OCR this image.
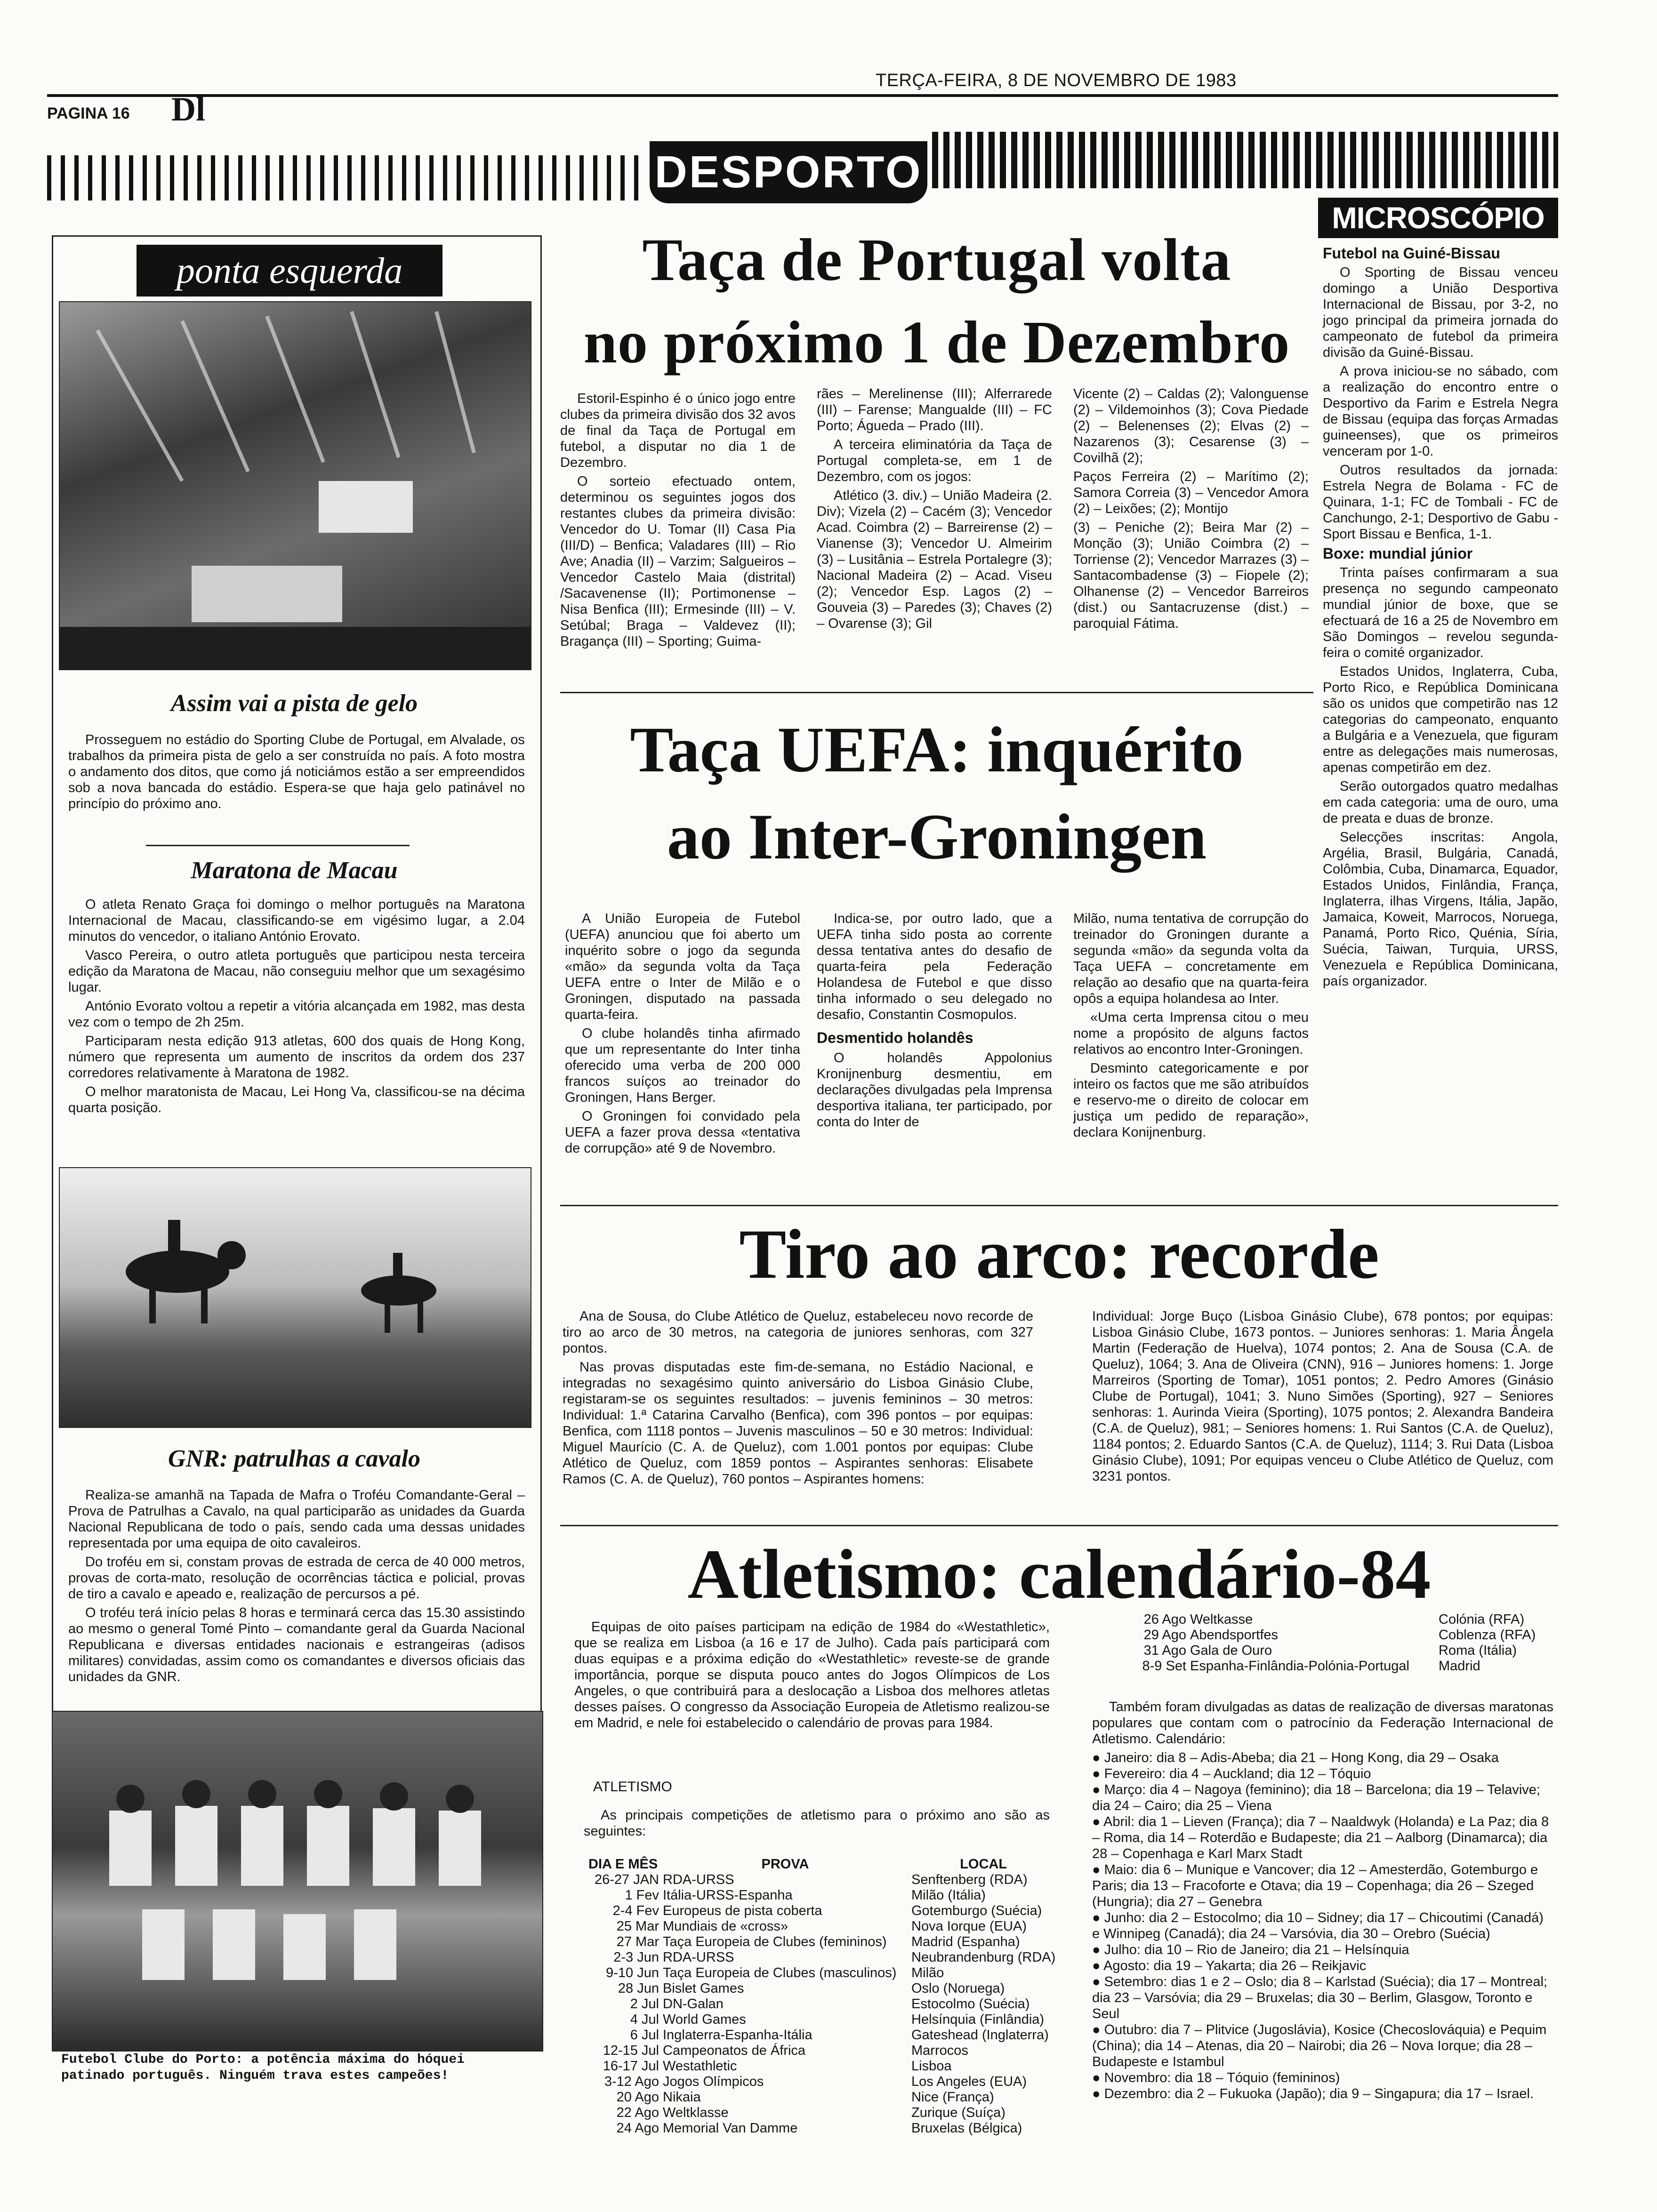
TERÇA-FEIRA, 8 DE NOVEMBRO DE 1983
PAGINA 16 Dl
DESPORTO
MICROSCÓPIO
ponta esquerda
Assim vai a pista de gelo

Prosseguem no estádio do Sporting Clube de Portugal, em Alvalade, os trabalhos da primeira pista de gelo a ser construída no país. A foto mostra o andamento dos ditos, que como já noticiámos estão a ser empreendidos sob a nova bancada do estádio. Espera-se que haja gelo patinável no princípio do próximo ano.

Maratona de Macau

O atleta Renato Graça foi domingo o melhor português na Maratona Internacional de Macau, classificando-se em vigésimo lugar, a 2.04 minutos do vencedor, o italiano António Erovato.

Vasco Pereira, o outro atleta português que participou nesta terceira edição da Maratona de Macau, não conseguiu melhor que um sexagésimo lugar.

António Evorato voltou a repetir a vitória alcançada em 1982, mas desta vez com o tempo de 2h 25m.

Participaram nesta edição 913 atletas, 600 dos quais de Hong Kong, número que representa um aumento de inscritos da ordem dos 237 corredores relativamente à Maratona de 1982.

O melhor maratonista de Macau, Lei Hong Va, classificou-se na décima quarta posição.

GNR: patrulhas a cavalo

Realiza-se amanhã na Tapada de Mafra o Troféu Comandante-Geral – Prova de Patrulhas a Cavalo, na qual participarão as unidades da Guarda Nacional Republicana de todo o país, sendo cada uma dessas unidades representada por uma equipa de oito cavaleiros.

Do troféu em si, constam provas de estrada de cerca de 40 000 metros, provas de corta-mato, resolução de ocorrências táctica e policial, provas de tiro a cavalo e apeado e, realização de percursos a pé.

O troféu terá início pelas 8 horas e terminará cerca das 15.30 assistindo ao mesmo o general Tomé Pinto – comandante geral da Guarda Nacional Republicana e diversas entidades nacionais e estrangeiras (adisos militares) convidadas, assim como os comandantes e diversos oficiais das unidades da GNR.

Futebol Clube do Porto: a potência máxima do hóquei patinado português. Ninguém trava estes campeões!
Taça de Portugal volta
no próximo 1 de Dezembro

Estoril-Espinho é o único jogo entre clubes da primeira divisão dos 32 avos de final da Taça de Portugal em futebol, a disputar no dia 1 de Dezembro.

O sorteio efectuado ontem, determinou os seguintes jogos dos restantes clubes da primeira divisão: Vencedor do U. Tomar (II) Casa Pia (III/D) – Benfica; Valadares (III) – Rio Ave; Anadia (II) – Varzim; Salgueiros – Vencedor Castelo Maia (distrital) /Sacavenense (II); Portimonense – Nisa Benfica (III); Ermesinde (III) – V. Setúbal; Braga – Valdevez (II); Bragança (III) – Sporting; Guima-

rães – Merelinense (III); Alferrarede (III) – Farense; Mangualde (III) – FC Porto; Águeda – Prado (III).

A terceira eliminatória da Taça de Portugal completa-se, em 1 de Dezembro, com os jogos:

Atlético (3. div.) – União Madeira (2. Div); Vizela (2) – Cacém (3); Vencedor Acad. Coimbra (2) – Barreirense (2) – Vianense (3); Vencedor U. Almeirim (3) – Lusitânia – Estrela Portalegre (3); Nacional Madeira (2) – Acad. Viseu (2); Vencedor Esp. Lagos (2) – Gouveia (3) – Paredes (3); Chaves (2) – Ovarense (3); Gil

Vicente (2) – Caldas (2); Valonguense (2) – Vildemoinhos (3); Cova Piedade (2) – Belenenses (2); Elvas (2) – Nazarenos (3); Cesarense (3) – Covilhã (2);

Paços Ferreira (2) – Marítimo (2); Samora Correia (3) – Vencedor Amora (2) – Leixões; (2); Montijo

(3) – Peniche (2); Beira Mar (2) – Monção (3); União Coimbra (2) – Torriense (2); Vencedor Marrazes (3) – Santacombadense (3) – Fiopele (2); Olhanense (2) – Vencedor Barreiros (dist.) ou Santacruzense (dist.) – paroquial Fátima.

Futebol na Guiné-Bissau

O Sporting de Bissau venceu domingo a União Desportiva Internacional de Bissau, por 3-2, no jogo principal da primeira jornada do campeonato de futebol da primeira divisão da Guiné-Bissau.

A prova iniciou-se no sábado, com a realização do encontro entre o Desportivo da Farim e Estrela Negra de Bissau (equipa das forças Armadas guineenses), que os primeiros venceram por 1-0.

Outros resultados da jornada: Estrela Negra de Bolama - FC de Quinara, 1-1; FC de Tombali - FC de Canchungo, 2-1; Desportivo de Gabu - Sport Bissau e Benfica, 1-1.

Boxe: mundial júnior

Trinta países confirmaram a sua presença no segundo campeonato mundial júnior de boxe, que se efectuará de 16 a 25 de Novembro em São Domingos – revelou segunda-feira o comité organizador.

Estados Unidos, Inglaterra, Cuba, Porto Rico, e República Dominicana são os unidos que competirão nas 12 categorias do campeonato, enquanto a Bulgária e a Venezuela, que figuram entre as delegações mais numerosas, apenas competirão em dez.

Serão outorgados quatro medalhas em cada categoria: uma de ouro, uma de preata e duas de bronze.

Selecções inscritas: Angola, Argélia, Brasil, Bulgária, Canadá, Colômbia, Cuba, Dinamarca, Equador, Estados Unidos, Finlândia, França, Inglaterra, ilhas Virgens, Itália, Japão, Jamaica, Koweit, Marrocos, Noruega, Panamá, Porto Rico, Quénia, Síria, Suécia, Taiwan, Turquia, URSS, Venezuela e República Dominicana, país organizador.

Taça UEFA: inquérito
ao Inter-Groningen

A União Europeia de Futebol (UEFA) anunciou que foi aberto um inquérito sobre o jogo da segunda «mão» da segunda volta da Taça UEFA entre o Inter de Milão e o Groningen, disputado na passada quarta-feira.

O clube holandês tinha afirmado que um representante do Inter tinha oferecido uma verba de 200 000 francos suíços ao treinador do Groningen, Hans Berger.

O Groningen foi convidado pela UEFA a fazer prova dessa «tentativa de corrupção» até 9 de Novembro.

Indica-se, por outro lado, que a UEFA tinha sido posta ao corrente dessa tentativa antes do desafio de quarta-feira pela Federação Holandesa de Futebol e que disso tinha informado o seu delegado no desafio, Constantin Cosmopulos.

Desmentido holandês

O holandês Appolonius Kronijnenburg desmentiu, em declarações divulgadas pela Imprensa desportiva italiana, ter participado, por conta do Inter de

Milão, numa tentativa de corrupção do treinador do Groningen durante a segunda «mão» da segunda volta da Taça UEFA – concretamente em relação ao desafio que na quarta-feira opôs a equipa holandesa ao Inter.

«Uma certa Imprensa citou o meu nome a propósito de alguns factos relativos ao encontro Inter-Groningen.

Desminto categoricamente e por inteiro os factos que me são atribuídos e reservo-me o direito de colocar em justiça um pedido de reparação», declara Konijnenburg.

Tiro ao arco: recorde

Ana de Sousa, do Clube Atlético de Queluz, estabeleceu novo recorde de tiro ao arco de 30 metros, na categoria de juniores senhoras, com 327 pontos.

Nas provas disputadas este fim-de-semana, no Estádio Nacional, e integradas no sexagésimo quinto aniversário do Lisboa Ginásio Clube, registaram-se os seguintes resultados: – juvenis femininos – 30 metros: Individual: 1.ª Catarina Carvalho (Benfica), com 396 pontos – por equipas: Benfica, com 1118 pontos – Juvenis masculinos – 50 e 30 metros: Individual: Miguel Maurício (C. A. de Queluz), com 1.001 pontos por equipas: Clube Atlético de Queluz, com 1859 pontos – Aspirantes senhoras: Elisabete Ramos (C. A. de Queluz), 760 pontos – Aspirantes homens:

Individual: Jorge Buço (Lisboa Ginásio Clube), 678 pontos; por equipas: Lisboa Ginásio Clube, 1673 pontos. – Juniores senhoras: 1. Maria Ângela Martin (Federação de Huelva), 1074 pontos; 2. Ana de Sousa (C.A. de Queluz), 1064; 3. Ana de Oliveira (CNN), 916 – Juniores homens: 1. Jorge Marreiros (Sporting de Tomar), 1051 pontos; 2. Pedro Amores (Ginásio Clube de Portugal), 1041; 3. Nuno Simões (Sporting), 927 – Seniores senhoras: 1. Aurinda Vieira (Sporting), 1075 pontos; 2. Alexandra Bandeira (C.A. de Queluz), 981; – Seniores homens: 1. Rui Santos (C.A. de Queluz), 1184 pontos; 2. Eduardo Santos (C.A. de Queluz), 1114; 3. Rui Data (Lisboa Ginásio Clube), 1091; Por equipas venceu o Clube Atlético de Queluz, com 3231 pontos.

Atletismo: calendário-84

Equipas de oito países participam na edição de 1984 do «Westathletic», que se realiza em Lisboa (a 16 e 17 de Julho). Cada país participará com duas equipas e a próxima edição do «Westathletic» reveste-se de grande importância, porque se disputa pouco antes do Jogos Olímpicos de Los Angeles, o que contribuirá para a deslocação a Lisboa dos melhores atletas desses países. O congresso da Associação Europeia de Atletismo realizou-se em Madrid, e nele foi estabelecido o calendário de provas para 1984.

ATLETISMO

As principais competições de atletismo para o próximo ano são as seguintes:

DIA E MÊS	PROVA	LOCAL
26-27 JAN	RDA-URSS	Senftenberg (RDA)
1 Fev	Itália-URSS-Espanha	Milão (Itália)
2-4 Fev	Europeus de pista coberta	Gotemburgo (Suécia)
25 Mar	Mundiais de «cross»	Nova Iorque (EUA)
27 Mar	Taça Europeia de Clubes (femininos)	Madrid (Espanha)
2-3 Jun	RDA-URSS	Neubrandenburg (RDA)
9-10 Jun	Taça Europeia de Clubes (masculinos)	Milão
28 Jun	Bislet Games	Oslo (Noruega)
2 Jul	DN-Galan	Estocolmo (Suécia)
4 Jul	World Games	Helsínquia (Finlândia)
6 Jul	Inglaterra-Espanha-Itália	Gateshead (Inglaterra)
12-15 Jul	Campeonatos de África	Marrocos
16-17 Jul	Westathletic	Lisboa
3-12 Ago	Jogos Olímpicos	Los Angeles (EUA)
20 Ago	Nikaia	Nice (França)
22 Ago	Weltklasse	Zurique (Suíça)
24 Ago	Memorial Van Damme	Bruxelas (Bélgica)
26 Ago	Weltkasse	Colónia (RFA)
29 Ago	Abendsportfes	Coblenza (RFA)
31 Ago	Gala de Ouro	Roma (Itália)
8-9 Set	Espanha-Finlândia-Polónia-Portugal	Madrid

Também foram divulgadas as datas de realização de diversas maratonas populares que contam com o patrocínio da Federação Internacional de Atletismo. Calendário:

● Janeiro: dia 8 – Adis-Abeba; dia 21 – Hong Kong, dia 29 – Osaka
● Fevereiro: dia 4 – Auckland; dia 12 – Tóquio
● Março: dia 4 – Nagoya (feminino); dia 18 – Barcelona; dia 19 – Telavive; dia 24 – Cairo; dia 25 – Viena
● Abril: dia 1 – Lieven (França); dia 7 – Naaldwyk (Holanda) e La Paz; dia 8 – Roma, dia 14 – Roterdão e Budapeste; dia 21 – Aalborg (Dinamarca); dia 28 – Copenhaga e Karl Marx Stadt
● Maio: dia 6 – Munique e Vancover; dia 12 – Amesterdão, Gotemburgo e Paris; dia 13 – Fracoforte e Otava; dia 19 – Copenhaga; dia 26 – Szeged (Hungria); dia 27 – Genebra
● Junho: dia 2 – Estocolmo; dia 10 – Sidney; dia 17 – Chicoutimi (Canadá) e Winnipeg (Canadá); dia 24 – Varsóvia, dia 30 – Orebro (Suécia)
● Julho: dia 10 – Rio de Janeiro; dia 21 – Helsínquia
● Agosto: dia 19 – Yakarta; dia 26 – Reikjavic
● Setembro: dias 1 e 2 – Oslo; dia 8 – Karlstad (Suécia); dia 17 – Montreal; dia 23 – Varsóvia; dia 29 – Bruxelas; dia 30 – Berlim, Glasgow, Toronto e Seul
● Outubro: dia 7 – Plitvice (Jugoslávia), Kosice (Checoslováquia) e Pequim (China); dia 14 – Atenas, dia 20 – Nairobi; dia 26 – Nova Iorque; dia 28 – Budapeste e Istambul
● Novembro: dia 18 – Tóquio (femininos)
● Dezembro: dia 2 – Fukuoka (Japão); dia 9 – Singapura; dia 17 – Israel.
